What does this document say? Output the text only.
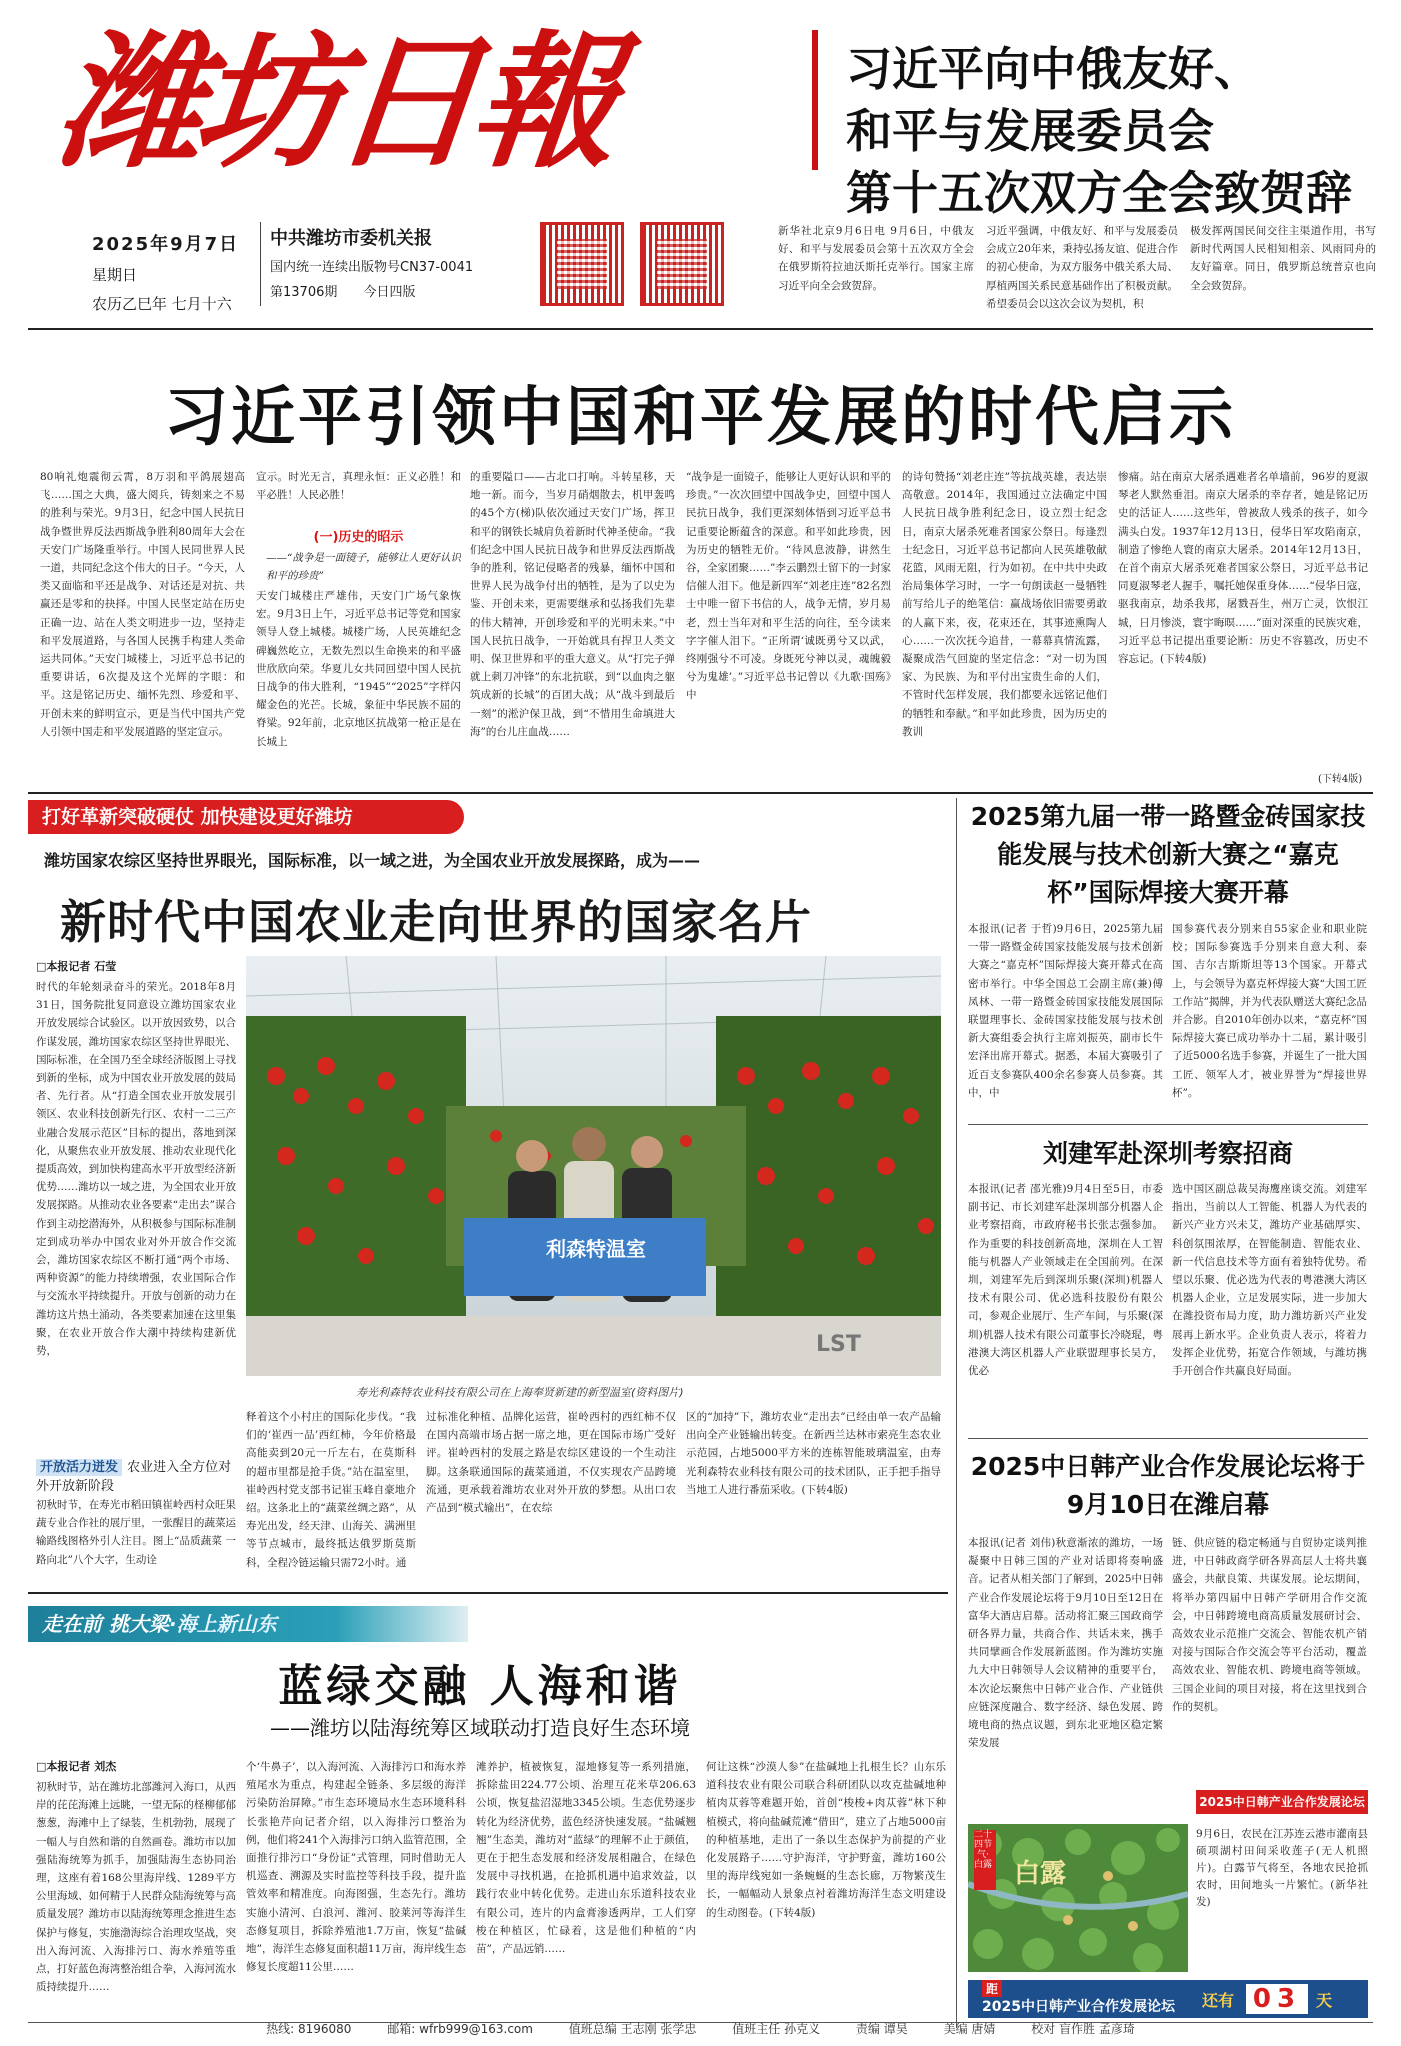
潍坊日報
2025年9月7日
星期日
农历乙巳年 七月十六
中共潍坊市委机关报
国内统一连续出版物号CN37-0041
第13706期 今日四版
习近平向中俄友好、
和平与发展委员会
第十五次双方全会致贺辞
新华社北京9月6日电 9月6日，中俄友好、和平与发展委员会第十五次双方全会在俄罗斯符拉迪沃斯托克举行。国家主席习近平向全会致贺辞。
习近平强调，中俄友好、和平与发展委员会成立20年来，秉持弘扬友谊、促进合作的初心使命，为双方服务中俄关系大局、厚植两国关系民意基础作出了积极贡献。希望委员会以这次会议为契机，积
极发挥两国民间交往主渠道作用，书写新时代两国人民相知相亲、风雨同舟的友好篇章。同日，俄罗斯总统普京也向全会致贺辞。
习近平引领中国和平发展的时代启示
80响礼炮震彻云霄，8万羽和平鸽展翅高飞……国之大典，盛大阅兵，铸刻来之不易的胜利与荣光。9月3日，纪念中国人民抗日战争暨世界反法西斯战争胜利80周年大会在天安门广场隆重举行。中国人民同世界人民一道，共同纪念这个伟大的日子。“今天，人类又面临和平还是战争、对话还是对抗、共赢还是零和的抉择。中国人民坚定站在历史正确一边、站在人类文明进步一边，坚持走和平发展道路，与各国人民携手构建人类命运共同体。”天安门城楼上，习近平总书记的重要讲话，6次提及这个光辉的字眼：和平。这是铭记历史、缅怀先烈、珍爱和平、开创未来的鲜明宣示，更是当代中国共产党人引领中国走和平发展道路的坚定宣示。
宣示。时光无言，真理永恒：正义必胜！和平必胜！人民必胜！
(一)历史的昭示
——“战争是一面镜子，能够让人更好认识和平的珍贵”
天安门城楼庄严雄伟，天安门广场气象恢宏。9月3日上午，习近平总书记等党和国家领导人登上城楼。城楼广场，人民英雄纪念碑巍然屹立，无数先烈以生命换来的和平盛世欣欣向荣。华夏儿女共同回望中国人民抗日战争的伟大胜利，“1945”“2025”字样闪耀金色的光芒。长城，象征中华民族不屈的脊梁。92年前，北京地区抗战第一枪正是在长城上
的重要隘口——古北口打响。斗转星移，天地一新。而今，当岁月硝烟散去，机甲轰鸣的45个方(梯)队依次通过天安门广场，挥卫和平的钢铁长城肩负着新时代神圣使命。“我们纪念中国人民抗日战争和世界反法西斯战争的胜利，铭记侵略者的残暴，缅怀中国和世界人民为战争付出的牺牲，是为了以史为鉴、开创未来，更需要继承和弘扬我们先辈的伟大精神，开创珍爱和平的光明未来。”中国人民抗日战争，一开始就具有捍卫人类文明、保卫世界和平的重大意义。从“打完子弹就上刺刀冲锋”的东北抗联，到“以血肉之躯筑成新的长城”的百团大战；从“战斗到最后一刻”的淞沪保卫战，到“不惜用生命填进大海”的台儿庄血战……
“战争是一面镜子，能够让人更好认识和平的珍贵。”一次次回望中国战争史，回望中国人民抗日战争，我们更深刻体悟到习近平总书记重要论断蕴含的深意。和平如此珍贵，因为历史的牺牲无价。“待风息波静，讲然生谷，全家团聚……”李云鹏烈士留下的一封家信催人泪下。他是新四军“刘老庄连”82名烈士中唯一留下书信的人，战争无情，岁月易老，烈士当年对和平生活的向往，至今读来字字催人泪下。“正所谓‘诚既勇兮又以武，终刚强兮不可凌。身既死兮神以灵，魂魄毅兮为鬼雄’。”习近平总书记曾以《九歌·国殇》中
的诗句赞扬“刘老庄连”等抗战英雄，表达崇高敬意。2014年，我国通过立法确定中国人民抗日战争胜利纪念日，设立烈士纪念日，南京大屠杀死难者国家公祭日。每逢烈士纪念日，习近平总书记都向人民英雄敬献花篮，风雨无阻，行为如初。在中共中央政治局集体学习时，一字一句朗读赵一曼牺牲前写给儿子的绝笔信：赢战场依旧需要勇敢的人赢下来，夜，花束还在，其事迹熏陶人心……一次次抚今追昔，一幕幕真情流露，凝聚成浩气回旋的坚定信念：“对一切为国家、为民族、为和平付出宝贵生命的人们，不管时代怎样发展，我们都要永远铭记他们的牺牲和奉献。”和平如此珍贵，因为历史的教训
惨痛。站在南京大屠杀遇难者名单墙前，96岁的夏淑琴老人默然垂泪。南京大屠杀的幸存者，她是铭记历史的活证人……这些年，曾被敌人残杀的孩子，如今满头白发。1937年12月13日，侵华日军攻陷南京，制造了惨绝人寰的南京大屠杀。2014年12月13日，在首个南京大屠杀死难者国家公祭日，习近平总书记同夏淑琴老人握手，嘱托她保重身体……“侵华日寇，驱我南京，劫杀我邦，屠戮吾生，州万亡灵，饮恨江城，日月惨淡，寰宇晦暝……”面对深重的民族灾难，习近平总书记提出重要论断：历史不容篡改，历史不容忘记。(下转4版)
(下转4版)
打好革新突破硬仗 加快建设更好潍坊
潍坊国家农综区坚持世界眼光，国际标准，以一域之进，为全国农业开放发展探路，成为——
新时代中国农业走向世界的国家名片
□本报记者 石莹
时代的年轮刻录奋斗的荣光。2018年8月31日，国务院批复同意设立潍坊国家农业开放发展综合试验区。以开放因致势，以合作谋发展，潍坊国家农综区坚持世界眼光、国际标准，在全国乃至全球经济版图上寻找到新的坐标，成为中国农业开放发展的鼓局者、先行者。从“打造全国农业开放发展引领区、农业科技创新先行区、农村一二三产业融合发展示范区”目标的提出，落地到深化，从聚焦农业开放发展、推动农业现代化提质高效，到加快构建高水平开放型经济新优势……潍坊以一域之进，为全国农业开放发展探路。从推动农业各要素“走出去”谋合作到主动挖潜海外，从积极参与国际标准制定到成功举办中国农业对外开放合作交流会，潍坊国家农综区不断打通“两个市场、两种资源”的能力持续增强，农业国际合作与交流水平持续提升。开放与创新的动力在潍坊这片热土涌动，各类要素加速在这里集聚，在农业开放合作大潮中持续构建新优势，
利森特温室
LST
寿光利森特农业科技有限公司在上海奉贤新建的新型温室(资料图片)
开放活力迸发 农业进入全方位对外开放新阶段
初秋时节，在寿光市稻田镇崔岭西村众旺果蔬专业合作社的展厅里，一张醒目的蔬菜运输路线图格外引人注目。图上“品质蔬菜 一路向北”八个大字，生动诠
释着这个小村庄的国际化步伐。“我们的‘崔西一品’西红柿，今年价格最高能卖到20元一斤左右，在莫斯科的超市里都是抢手货。”站在温室里，崔岭西村党支部书记崔玉峰自豪地介绍。这条北上的“蔬菜丝绸之路”，从寿光出发，经天津、山海关、满洲里等节点城市，最终抵达俄罗斯莫斯科，全程冷链运输只需72小时。通
过标准化种植、品牌化运营，崔岭西村的西红柿不仅在国内高端市场占据一席之地，更在国际市场广受好评。崔岭西村的发展之路是农综区建设的一个生动注脚。这条联通国际的蔬菜通道，不仅实现农产品跨境流通，更承载着潍坊农业对外开放的梦想。从出口农产品到“模式输出”，在农综
区的“加持”下，潍坊农业“走出去”已经由单一农产品输出向全产业链输出转变。在新西兰达林市索亮生态农业示范园，占地5000平方米的连栋智能玻璃温室，由寿光利森特农业科技有限公司的技术团队，正手把手指导当地工人进行番茄采收。(下转4版)
2025第九届一带一路暨金砖国家技能发展与技术创新大赛之“嘉克杯”国际焊接大赛开幕
本报讯(记者 于哲)9月6日，2025第九届一带一路暨金砖国家技能发展与技术创新大赛之“嘉克杯”国际焊接大赛开幕式在高密市举行。中华全国总工会副主席(兼)傅凤林、一带一路暨金砖国家技能发展国际联盟理事长、金砖国家技能发展与技术创新大赛组委会执行主席刘振英，副市长牛宏泽出席开幕式。据悉，本届大赛吸引了近百支参赛队400余名参赛人员参赛。其中，中
国参赛代表分别来自55家企业和职业院校；国际参赛选手分别来自意大利、泰国、吉尔吉斯斯坦等13个国家。开幕式上，与会领导为嘉克杯焊接大赛“大国工匠工作站”揭牌，并为代表队赠送大赛纪念品并合影。自2010年创办以来，“嘉克杯”国际焊接大赛已成功举办十二届，累计吸引了近5000名选手参赛，并诞生了一批大国工匠、领军人才，被业界誉为“焊接世界杯”。
刘建军赴深圳考察招商
本报讯(记者 邵光雅)9月4日至5日，市委副书记、市长刘建军赴深圳部分机器人企业考察招商，市政府秘书长张志强参加。作为重要的科技创新高地，深圳在人工智能与机器人产业领域走在全国前列。在深圳，刘建军先后到深圳乐聚(深圳)机器人技术有限公司、优必选科技股份有限公司，参观企业展厅、生产车间，与乐聚(深圳)机器人技术有限公司董事长冷晓琨，粤港澳大湾区机器人产业联盟理事长吴方，优必
选中国区副总裁吴海鹰座谈交流。刘建军指出，当前以人工智能、机器人为代表的新兴产业方兴未艾，潍坊产业基础厚实、科创氛围浓厚，在智能制造、智能农业、新一代信息技术等方面有着独特优势。希望以乐聚、优必选为代表的粤港澳大湾区机器人企业，立足发展实际，进一步加大在潍投资布局力度，助力潍坊新兴产业发展再上新水平。企业负责人表示，将着力发挥企业优势，拓宽合作领域，与潍坊携手开创合作共赢良好局面。
2025中日韩产业合作发展论坛将于9月10日在潍启幕
本报讯(记者 刘伟)秋意渐浓的潍坊，一场凝聚中日韩三国的产业对话即将奏响盛音。记者从相关部门了解到，2025中日韩产业合作发展论坛将于9月10日至12日在富华大酒店启幕。活动将汇聚三国政商学研各界力量，共商合作、共话未来，携手共同擘画合作发展新蓝图。作为潍坊实施九大中日韩领导人会议精神的重要平台，本次论坛聚焦中日韩产业合作、产业链供应链深度融合、数字经济、绿色发展、跨境电商的热点议题，到东北亚地区稳定繁荣发展
链、供应链的稳定畅通与自贸协定谈判推进，中日韩政商学研各界高层人士将共襄盛会，共献良策、共谋发展。论坛期间，将举办第四届中日韩产学研用合作交流会，中日韩跨境电商高质量发展研讨会、高效农业示范推广交流会、智能农机产销对接与国际合作交流会等平台活动，覆盖高效农业、智能农机、跨境电商等领域。三国企业间的项目对接，将在这里找到合作的契机。
2025中日韩产业合作发展论坛
走在前 挑大梁·海上新山东
蓝绿交融 人海和谐
——潍坊以陆海统筹区域联动打造良好生态环境
□本报记者 刘杰
初秋时节，站在潍坊北部潍河入海口，从西岸的芘芘海滩上远眺，一望无际的柽柳郁郁葱葱，海滩中上了绿装，生机勃勃，展现了一幅人与自然和谐的自然画卷。潍坊市以加强陆海统筹为抓手，加强陆海生态协同治理，这座有着168公里海岸线、1289平方公里海域、如何精于人民群众陆海统筹与高质量发展？潍坊市以陆海统筹理念推进生态保护与修复，实施渤海综合治理攻坚战，突出入海河流、入海排污口、海水养殖等重点，打好蓝色海湾整治组合拳，入海河流水质持续提升……
个‘牛鼻子’，以入海河流、入海排污口和海水养殖尾水为重点，构建起全链条、多层级的海洋污染防治屏障。”市生态环境局水生态环境科科长张艳芹向记者介绍，以入海排污口整治为例，他们将241个入海排污口纳入监管范围，全面推行排污口“身份证”式管理，同时借助无人机巡查、溯源及实时监控等科技手段，提升监管效率和精准度。向海图强，生态先行。潍坊实施小清河、白浪河、潍河、胶莱河等海洋生态修复项目，拆除养殖池1.7万亩，恢复“盐碱地”，海洋生态修复面积超11万亩，海岸线生态修复长度超11公里……
滩养护，植被恢复，湿地修复等一系列措施，拆除盐田224.77公顷、治理互花米草206.63公顷，恢复盐沼湿地3345公顷。生态优势逐步转化为经济优势，蓝色经济快速发展。“盐碱翘翘”生态美，潍坊对“蓝绿”的理解不止于颜值，更在于把生态发展和经济发展相融合，在绿色发展中寻找机遇，在抢抓机遇中追求效益，以践行农业中转化优势。走进山东乐道科技农业有限公司，连片的内盒膏渗透两岸，工人们穿梭在种植区，忙碌着，这是他们种植的“内苗”，产品远销……
何让这株“沙漠人参”在盐碱地上扎根生长？山东乐道科技农业有限公司联合科研团队以攻克盐碱地种植肉苁蓉等难题开始，首创“梭梭+肉苁蓉”林下种植模式，将向盐碱荒滩“借田”，建立了占地5000亩的种植基地，走出了一条以生态保护为前提的产业化发展路子……守护海洋，守护野蛮，潍坊160公里的海岸线宛如一条蜿蜒的生态长廊，万物繁茂生长，一幅幅动人景象点衬着潍坊海洋生态文明建设的生动图卷。(下转4版)
白露
二十四节气·白露
9月6日，农民在江苏连云港市灌南县硕项湖村田间采收莲子(无人机照片)。白露节气将至，各地农民抢抓农时，田间地头一片繁忙。(新华社发)
距
2025中日韩产业合作发展论坛 还有 03 天
热线: 8196080	邮箱: wfrb999@163.com	值班总编 王志刚 张学忠	值班主任 孙克义	责编 谭昊	美编 唐婧	校对 盲作胜 孟彦琦
